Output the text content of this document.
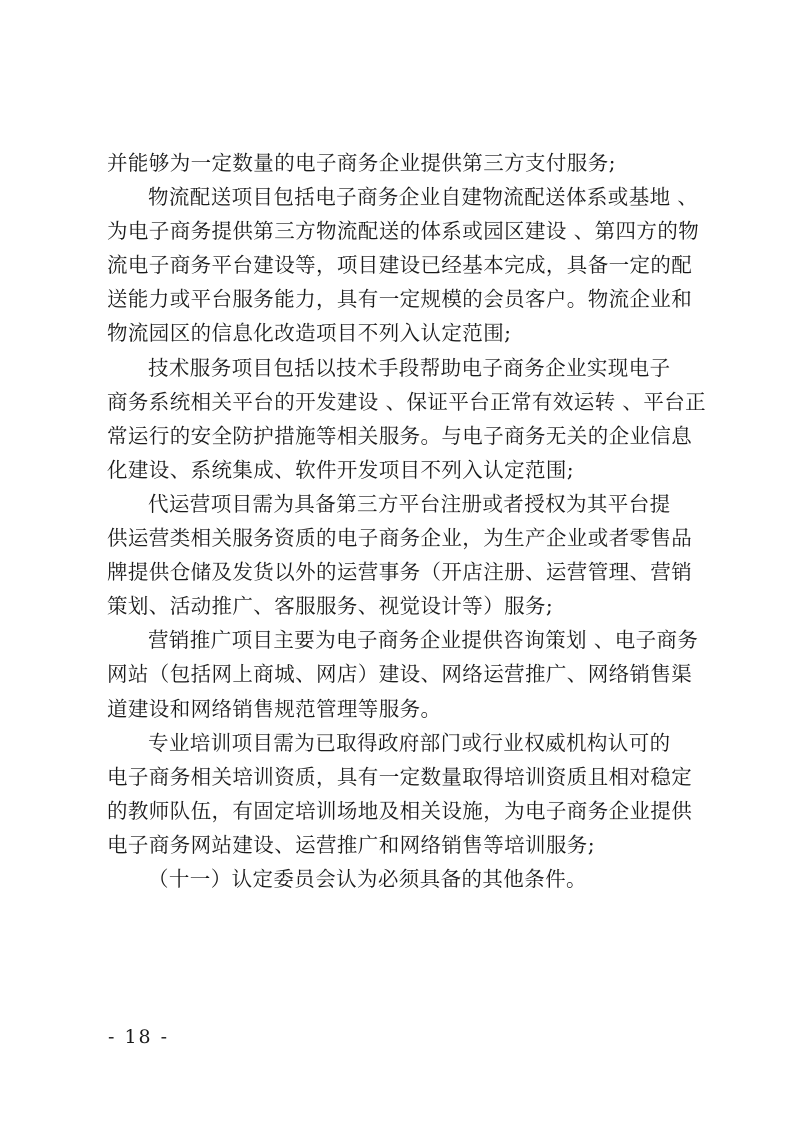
并能够为一定数量的电子商务企业提供第三方支付服务;
物流配送项目包括电子商务企业自建物流配送体系或基地 、
为电子商务提供第三方物流配送的体系或园区建设 、第四方的物
流电子商务平台建设等，项目建设已经基本完成，具备一定的配
送能力或平台服务能力，具有一定规模的会员客户。物流企业和
物流园区的信息化改造项目不列入认定范围;
技术服务项目包括以技术手段帮助电子商务企业实现电子
商务系统相关平台的开发建设 、保证平台正常有效运转 、平台正
常运行的安全防护措施等相关服务。与电子商务无关的企业信息
化建设、系统集成、软件开发项目不列入认定范围;
代运营项目需为具备第三方平台注册或者授权为其平台提
供运营类相关服务资质的电子商务企业，为生产企业或者零售品
牌提供仓储及发货以外的运营事务（开店注册、运营管理、营销
策划、活动推广、客服服务、视觉设计等）服务;
营销推广项目主要为电子商务企业提供咨询策划 、电子商务
网站（包括网上商城、网店）建设、网络运营推广、网络销售渠
道建设和网络销售规范管理等服务。
专业培训项目需为已取得政府部门或行业权威机构认可的
电子商务相关培训资质，具有一定数量取得培训资质且相对稳定
的教师队伍，有固定培训场地及相关设施，为电子商务企业提供
电子商务网站建设、运营推广和网络销售等培训服务;
（十一）认定委员会认为必须具备的其他条件。
- 18 -
